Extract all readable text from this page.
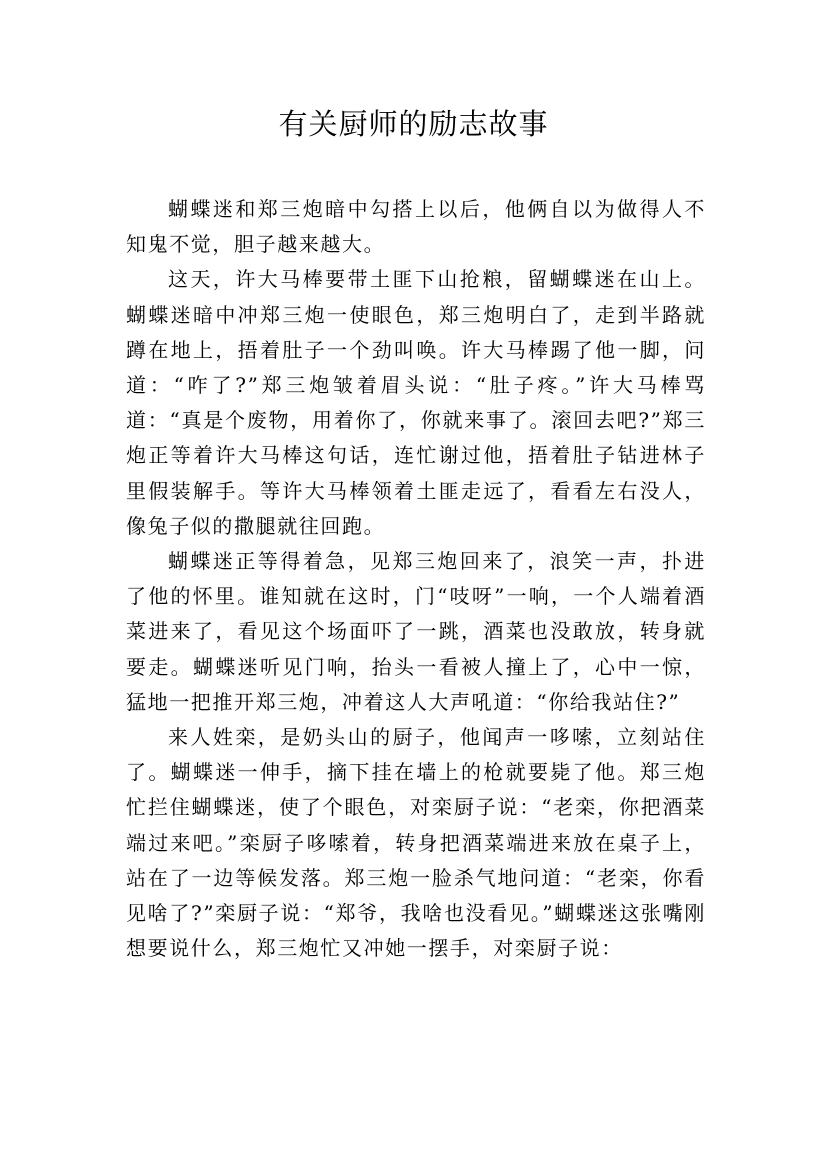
有关厨师的励志故事

蝴蝶迷和郑三炮暗中勾搭上以后，他俩自以为做得人不知鬼不觉，胆子越来越大。

这天，许大马棒要带土匪下山抢粮，留蝴蝶迷在山上。蝴蝶迷暗中冲郑三炮一使眼色，郑三炮明白了，走到半路就蹲在地上，捂着肚子一个劲叫唤。许大马棒踢了他一脚，问道：“咋了?”郑三炮皱着眉头说：“肚子疼。”许大马棒骂道：“真是个废物，用着你了，你就来事了。滚回去吧?”郑三炮正等着许大马棒这句话，连忙谢过他，捂着肚子钻进林子里假装解手。等许大马棒领着土匪走远了，看看左右没人，像兔子似的撒腿就往回跑。

蝴蝶迷正等得着急，见郑三炮回来了，浪笑一声，扑进了他的怀里。谁知就在这时，门“吱呀”一响，一个人端着酒菜进来了，看见这个场面吓了一跳，酒菜也没敢放，转身就要走。蝴蝶迷听见门响，抬头一看被人撞上了，心中一惊，猛地一把推开郑三炮，冲着这人大声吼道：“你给我站住?”

来人姓栾，是奶头山的厨子，他闻声一哆嗦，立刻站住了。蝴蝶迷一伸手，摘下挂在墙上的枪就要毙了他。郑三炮忙拦住蝴蝶迷，使了个眼色，对栾厨子说：“老栾，你把酒菜端过来吧。”栾厨子哆嗦着，转身把酒菜端进来放在桌子上，站在了一边等候发落。郑三炮一脸杀气地问道：“老栾，你看见啥了?”栾厨子说：“郑爷，我啥也没看见。”蝴蝶迷这张嘴刚想要说什么，郑三炮忙又冲她一摆手，对栾厨子说：
